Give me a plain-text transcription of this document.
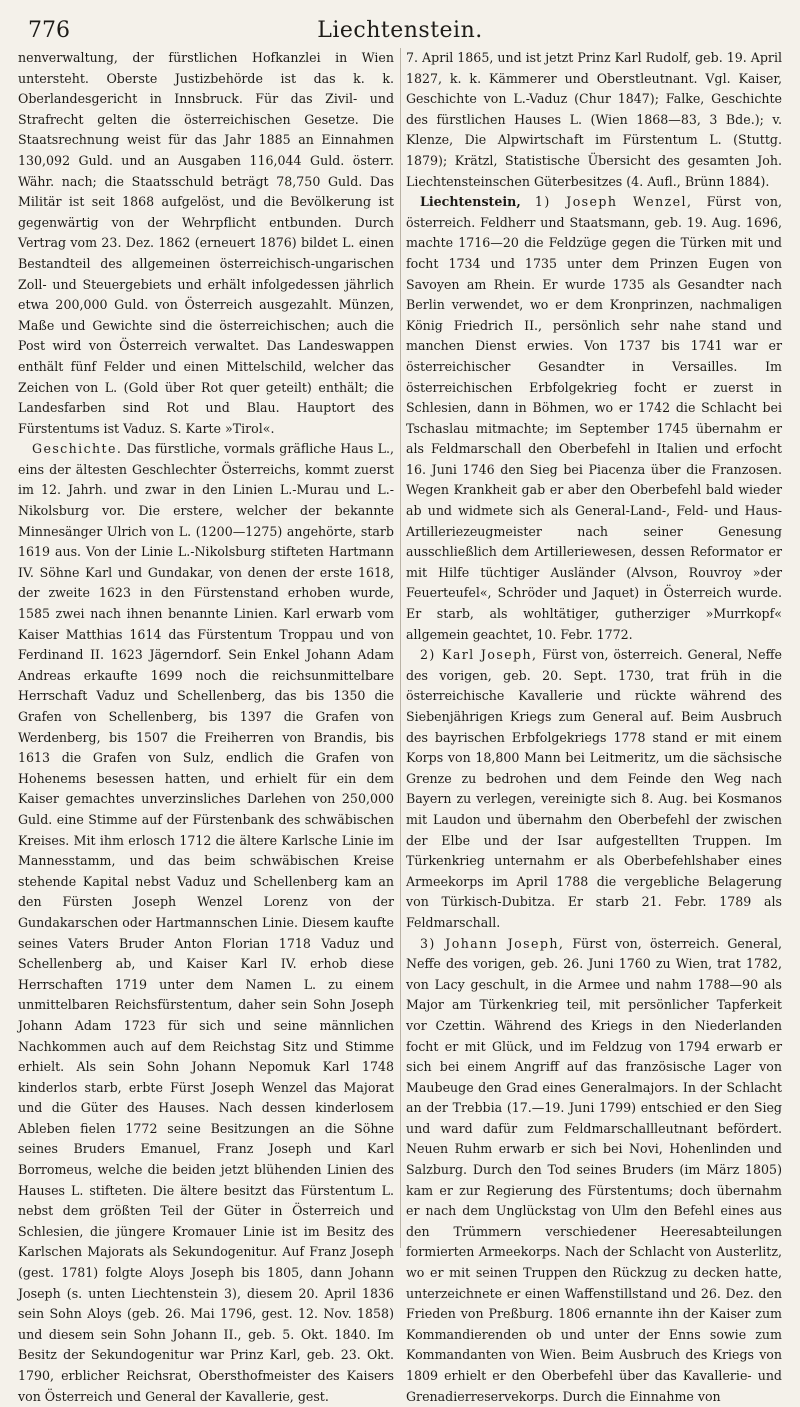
776	Liechtenstein.

nenverwaltung, der fürstlichen Hofkanzlei in Wien untersteht. Oberste Justizbehörde ist das k. k. Oberlandesgericht in Innsbruck. Für das Zivil- und Strafrecht gelten die österreichischen Gesetze. Die Staatsrechnung weist für das Jahr 1885 an Einnahmen 130,092 Guld. und an Ausgaben 116,044 Guld. österr. Währ. nach; die Staatsschuld beträgt 78,750 Guld. Das Militär ist seit 1868 aufgelöst, und die Bevölkerung ist gegenwärtig von der Wehrpflicht entbunden. Durch Vertrag vom 23. Dez. 1862 (erneuert 1876) bildet L. einen Bestandteil des allgemeinen österreichisch-ungarischen Zoll- und Steuergebiets und erhält infolgedessen jährlich etwa 200,000 Guld. von Österreich ausgezahlt. Münzen, Maße und Gewichte sind die österreichischen; auch die Post wird von Österreich verwaltet. Das Landeswappen enthält fünf Felder und einen Mittelschild, welcher das Zeichen von L. (Gold über Rot quer geteilt) enthält; die Landesfarben sind Rot und Blau. Hauptort des Fürstentums ist Vaduz. S. Karte »Tirol«.

Geschichte. Das fürstliche, vormals gräfliche Haus L., eins der ältesten Geschlechter Österreichs, kommt zuerst im 12. Jahrh. und zwar in den Linien L.-Murau und L.-Nikolsburg vor. Die erstere, welcher der bekannte Minnesänger Ulrich von L. (1200—1275) angehörte, starb 1619 aus. Von der Linie L.-Nikolsburg stifteten Hartmann IV. Söhne Karl und Gundakar, von denen der erste 1618, der zweite 1623 in den Fürstenstand erhoben wurde, 1585 zwei nach ihnen benannte Linien. Karl erwarb vom Kaiser Matthias 1614 das Fürstentum Troppau und von Ferdinand II. 1623 Jägerndorf. Sein Enkel Johann Adam Andreas erkaufte 1699 noch die reichsunmittelbare Herrschaft Vaduz und Schellenberg, das bis 1350 die Grafen von Schellenberg, bis 1397 die Grafen von Werdenberg, bis 1507 die Freiherren von Brandis, bis 1613 die Grafen von Sulz, endlich die Grafen von Hohenems besessen hatten, und erhielt für ein dem Kaiser gemachtes unverzinsliches Darlehen von 250,000 Guld. eine Stimme auf der Fürstenbank des schwäbischen Kreises. Mit ihm erlosch 1712 die ältere Karlsche Linie im Mannesstamm, und das beim schwäbischen Kreise stehende Kapital nebst Vaduz und Schellenberg kam an den Fürsten Joseph Wenzel Lorenz von der Gundakarschen oder Hartmannschen Linie. Diesem kaufte seines Vaters Bruder Anton Florian 1718 Vaduz und Schellenberg ab, und Kaiser Karl IV. erhob diese Herrschaften 1719 unter dem Namen L. zu einem unmittelbaren Reichsfürstentum, daher sein Sohn Joseph Johann Adam 1723 für sich und seine männlichen Nachkommen auch auf dem Reichstag Sitz und Stimme erhielt. Als sein Sohn Johann Nepomuk Karl 1748 kinderlos starb, erbte Fürst Joseph Wenzel das Majorat und die Güter des Hauses. Nach dessen kinderlosem Ableben fielen 1772 seine Besitzungen an die Söhne seines Bruders Emanuel, Franz Joseph und Karl Borromeus, welche die beiden jetzt blühenden Linien des Hauses L. stifteten. Die ältere besitzt das Fürstentum L. nebst dem größten Teil der Güter in Österreich und Schlesien, die jüngere Kromauer Linie ist im Besitz des Karlschen Majorats als Sekundogenitur. Auf Franz Joseph (gest. 1781) folgte Aloys Joseph bis 1805, dann Johann Joseph (s. unten Liechtenstein 3), diesem 20. April 1836 sein Sohn Aloys (geb. 26. Mai 1796, gest. 12. Nov. 1858) und diesem sein Sohn Johann II., geb. 5. Okt. 1840. Im Besitz der Sekundogenitur war Prinz Karl, geb. 23. Okt. 1790, erblicher Reichsrat, Obersthofmeister des Kaisers von Österreich und General der Kavallerie, gest.

7. April 1865, und ist jetzt Prinz Karl Rudolf, geb. 19. April 1827, k. k. Kämmerer und Oberstleutnant. Vgl. Kaiser, Geschichte von L.-Vaduz (Chur 1847); Falke, Geschichte des fürstlichen Hauses L. (Wien 1868—83, 3 Bde.); v. Klenze, Die Alpwirtschaft im Fürstentum L. (Stuttg. 1879); Krätzl, Statistische Übersicht des gesamten Joh. Liechtensteinschen Güterbesitzes (4. Aufl., Brünn 1884).

Liechtenstein, 1) Joseph Wenzel, Fürst von, österreich. Feldherr und Staatsmann, geb. 19. Aug. 1696, machte 1716—20 die Feldzüge gegen die Türken mit und focht 1734 und 1735 unter dem Prinzen Eugen von Savoyen am Rhein. Er wurde 1735 als Gesandter nach Berlin verwendet, wo er dem Kronprinzen, nachmaligen König Friedrich II., persönlich sehr nahe stand und manchen Dienst erwies. Von 1737 bis 1741 war er österreichischer Gesandter in Versailles. Im österreichischen Erbfolgekrieg focht er zuerst in Schlesien, dann in Böhmen, wo er 1742 die Schlacht bei Tschaslau mitmachte; im September 1745 übernahm er als Feldmarschall den Oberbefehl in Italien und erfocht 16. Juni 1746 den Sieg bei Piacenza über die Franzosen. Wegen Krankheit gab er aber den Oberbefehl bald wieder ab und widmete sich als General-Land-, Feld- und Haus-Artilleriezeugmeister nach seiner Genesung ausschließlich dem Artilleriewesen, dessen Reformator er mit Hilfe tüchtiger Ausländer (Alvson, Rouvroy »der Feuerteufel«, Schröder und Jaquet) in Österreich wurde. Er starb, als wohltätiger, gutherziger »Murrkopf« allgemein geachtet, 10. Febr. 1772.

2) Karl Joseph, Fürst von, österreich. General, Neffe des vorigen, geb. 20. Sept. 1730, trat früh in die österreichische Kavallerie und rückte während des Siebenjährigen Kriegs zum General auf. Beim Ausbruch des bayrischen Erbfolgekriegs 1778 stand er mit einem Korps von 18,800 Mann bei Leitmeritz, um die sächsische Grenze zu bedrohen und dem Feinde den Weg nach Bayern zu verlegen, vereinigte sich 8. Aug. bei Kosmanos mit Laudon und übernahm den Oberbefehl der zwischen der Elbe und der Isar aufgestellten Truppen. Im Türkenkrieg unternahm er als Oberbefehlshaber eines Armeekorps im April 1788 die vergebliche Belagerung von Türkisch-Dubitza. Er starb 21. Febr. 1789 als Feldmarschall.

3) Johann Joseph, Fürst von, österreich. General, Neffe des vorigen, geb. 26. Juni 1760 zu Wien, trat 1782, von Lacy geschult, in die Armee und nahm 1788—90 als Major am Türkenkrieg teil, mit persönlicher Tapferkeit vor Czettin. Während des Kriegs in den Niederlanden focht er mit Glück, und im Feldzug von 1794 erwarb er sich bei einem Angriff auf das französische Lager von Maubeuge den Grad eines Generalmajors. In der Schlacht an der Trebbia (17.—19. Juni 1799) entschied er den Sieg und ward dafür zum Feldmarschallleutnant befördert. Neuen Ruhm erwarb er sich bei Novi, Hohenlinden und Salzburg. Durch den Tod seines Bruders (im März 1805) kam er zur Regierung des Fürstentums; doch übernahm er nach dem Unglückstag von Ulm den Befehl eines aus den Trümmern verschiedener Heeresabteilungen formierten Armeekorps. Nach der Schlacht von Austerlitz, wo er mit seinen Truppen den Rückzug zu decken hatte, unterzeichnete er einen Waffenstillstand und 26. Dez. den Frieden von Preßburg. 1806 ernannte ihn der Kaiser zum Kommandierenden ob und unter der Enns sowie zum Kommandanten von Wien. Beim Ausbruch des Kriegs von 1809 erhielt er den Oberbefehl über das Kavallerie- und Grenadierreservekorps. Durch die Einnahme von
